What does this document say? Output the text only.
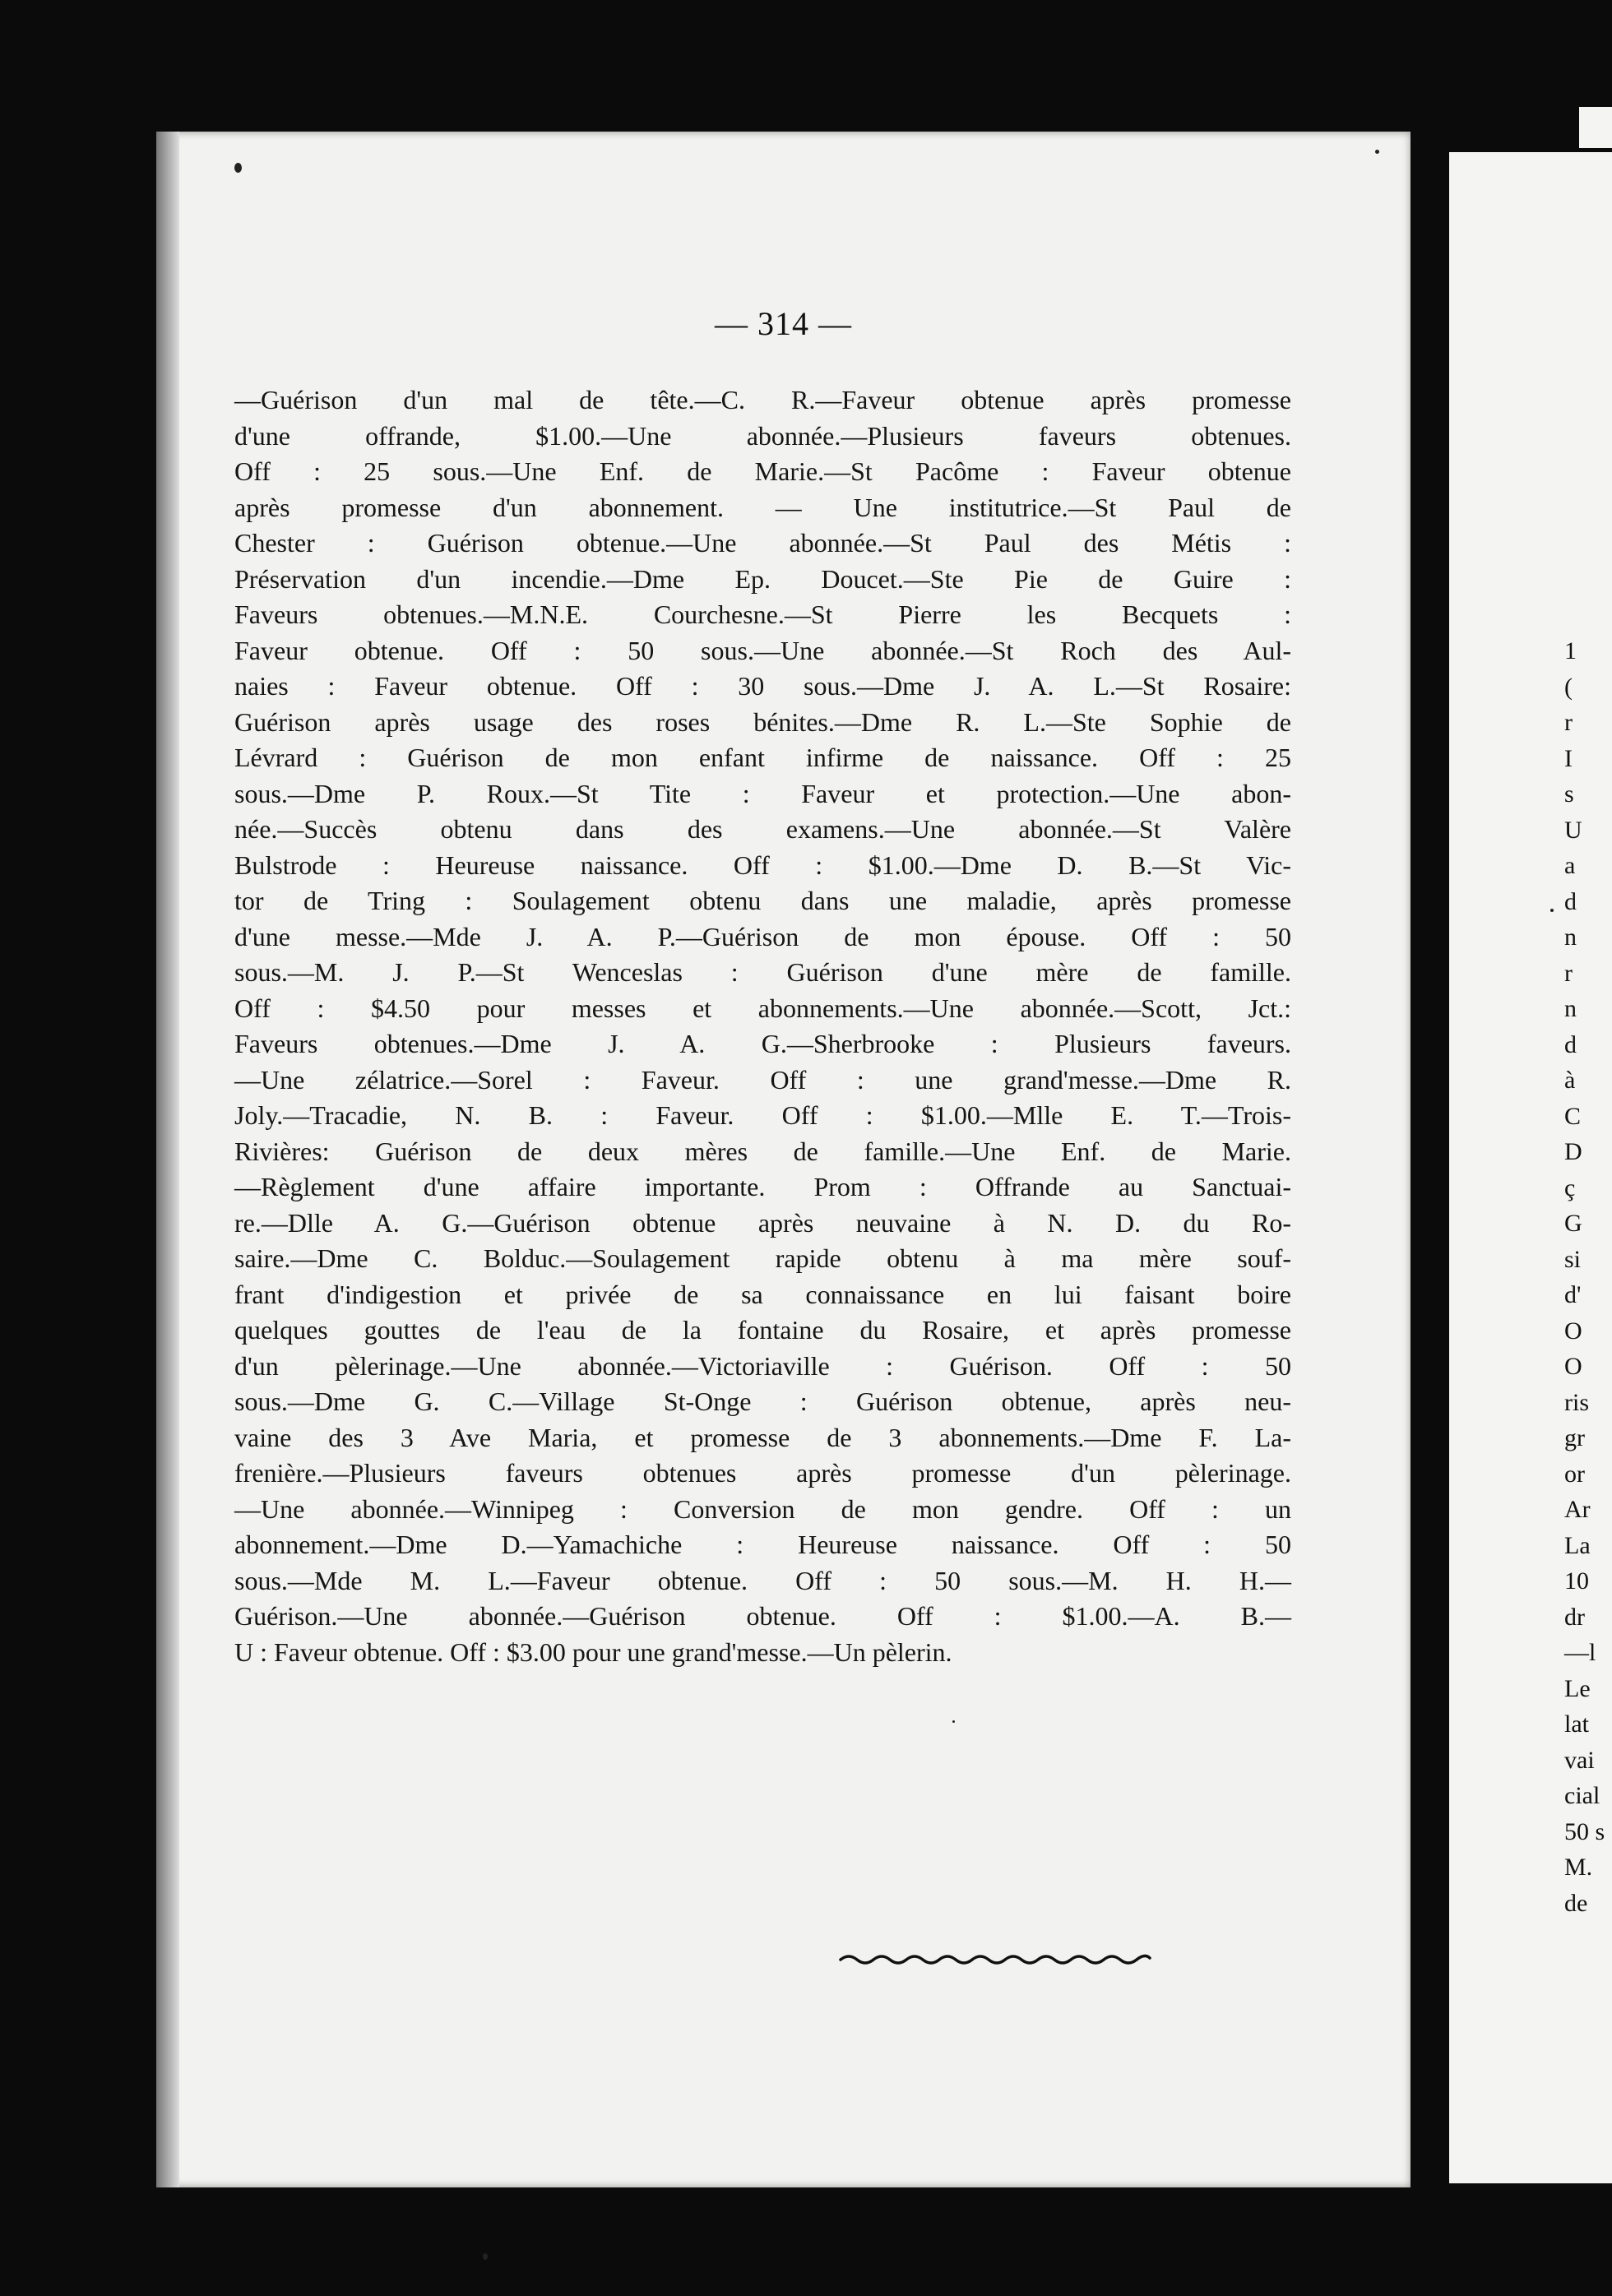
— 314 —
—Guérison d'un mal de tête.—C. R.—Faveur obtenue après promesse
d'une offrande, $1.00.—Une abonnée.—Plusieurs faveurs obtenues.
Off : 25 sous.—Une Enf. de Marie.—St Pacôme : Faveur obtenue
après promesse d'un abonnement. — Une institutrice.—St Paul de
Chester : Guérison obtenue.—Une abonnée.—St Paul des Métis :
Préservation d'un incendie.—Dme Ep. Doucet.—Ste Pie de Guire :
Faveurs obtenues.—M.N.E. Courchesne.—St Pierre les Becquets :
Faveur obtenue. Off : 50 sous.—Une abonnée.—St Roch des Aul-
naies : Faveur obtenue. Off : 30 sous.—Dme J. A. L.—St Rosaire:
Guérison après usage des roses bénites.—Dme R. L.—Ste Sophie de
Lévrard : Guérison de mon enfant infirme de naissance. Off : 25
sous.—Dme P. Roux.—St Tite : Faveur et protection.—Une abon-
née.—Succès obtenu dans des examens.—Une abonnée.—St Valère
Bulstrode : Heureuse naissance. Off : $1.00.—Dme D. B.—St Vic-
tor de Tring : Soulagement obtenu dans une maladie, après promesse
d'une messe.—Mde J. A. P.—Guérison de mon épouse. Off : 50
sous.—M. J. P.—St Wenceslas : Guérison d'une mère de famille.
Off : $4.50 pour messes et abonnements.—Une abonnée.—Scott, Jct.:
Faveurs obtenues.—Dme J. A. G.—Sherbrooke : Plusieurs faveurs.
—Une zélatrice.—Sorel : Faveur. Off : une grand'messe.—Dme R.
Joly.—Tracadie, N. B. : Faveur. Off : $1.00.—Mlle E. T.—Trois-
Rivières: Guérison de deux mères de famille.—Une Enf. de Marie.
—Règlement d'une affaire importante. Prom : Offrande au Sanctuai-
re.—Dlle A. G.—Guérison obtenue après neuvaine à N. D. du Ro-
saire.—Dme C. Bolduc.—Soulagement rapide obtenu à ma mère souf-
frant d'indigestion et privée de sa connaissance en lui faisant boire
quelques gouttes de l'eau de la fontaine du Rosaire, et après promesse
d'un pèlerinage.—Une abonnée.—Victoriaville : Guérison. Off : 50
sous.—Dme G. C.—Village St-Onge : Guérison obtenue, après neu-
vaine des 3 Ave Maria, et promesse de 3 abonnements.—Dme F. La-
frenière.—Plusieurs faveurs obtenues après promesse d'un pèlerinage.
—Une abonnée.—Winnipeg : Conversion de mon gendre. Off : un
abonnement.—Dme D.—Yamachiche : Heureuse naissance. Off : 50
sous.—Mde M. L.—Faveur obtenue. Off : 50 sous.—M. H. H.—
Guérison.—Une abonnée.—Guérison obtenue. Off : $1.00.—A. B.—
U : Faveur obtenue. Off : $3.00 pour une grand'messe.—Un pèlerin.
1
(
r
I
s
U
a
d
n
r
n
d
à
C
D
ç
G
si
d'
O
O
ris
gr
or
Ar
La
10
dr
—l
Le
lat
vai
cial
50 s
M.
de
